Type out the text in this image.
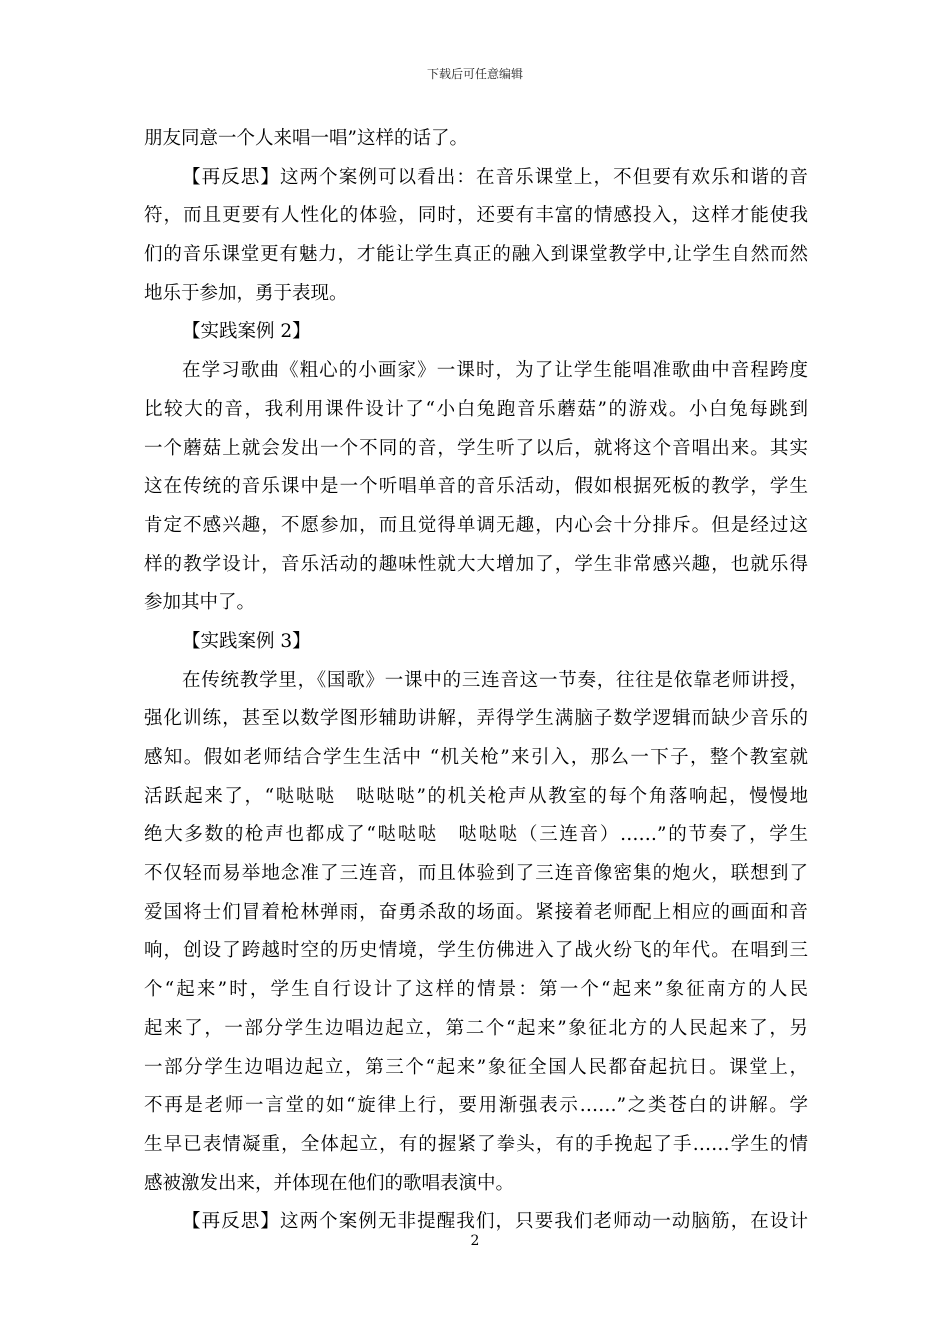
下载后可任意编辑
朋友同意一个人来唱一唱”这样的话了。
【再反思】这两个案例可以看出：在音乐课堂上，不但要有欢乐和谐的音
符，而且更要有人性化的体验，同时，还要有丰富的情感投入，这样才能使我
们的音乐课堂更有魅力，才能让学生真正的融入到课堂教学中,让学生自然而然
地乐于参加，勇于表现。
【实践案例 2】
在学习歌曲《粗心的小画家》一课时，为了让学生能唱准歌曲中音程跨度
比较大的音，我利用课件设计了“小白兔跑音乐蘑菇”的游戏。小白兔每跳到
一个蘑菇上就会发出一个不同的音，学生听了以后，就将这个音唱出来。其实
这在传统的音乐课中是一个听唱单音的音乐活动，假如根据死板的教学，学生
肯定不感兴趣，不愿参加，而且觉得单调无趣，内心会十分排斥。但是经过这
样的教学设计，音乐活动的趣味性就大大增加了，学生非常感兴趣，也就乐得
参加其中了。
【实践案例 3】
在传统教学里，《国歌》一课中的三连音这一节奏，往往是依靠老师讲授，
强化训练，甚至以数学图形辅助讲解，弄得学生满脑子数学逻辑而缺少音乐的
感知。假如老师结合学生生活中 “机关枪”来引入，那么一下子，整个教室就
活跃起来了，“哒哒哒　哒哒哒”的机关枪声从教室的每个角落响起，慢慢地
绝大多数的枪声也都成了“哒哒哒　哒哒哒（三连音）……”的节奏了，学生
不仅轻而易举地念准了三连音，而且体验到了三连音像密集的炮火，联想到了
爱国将士们冒着枪林弹雨，奋勇杀敌的场面。紧接着老师配上相应的画面和音
响，创设了跨越时空的历史情境，学生仿佛进入了战火纷飞的年代。在唱到三
个“起来”时，学生自行设计了这样的情景：第一个“起来”象征南方的人民
起来了，一部分学生边唱边起立，第二个“起来”象征北方的人民起来了，另
一部分学生边唱边起立，第三个“起来”象征全国人民都奋起抗日。课堂上，
不再是老师一言堂的如“旋律上行，要用渐强表示……”之类苍白的讲解。学
生早已表情凝重，全体起立，有的握紧了拳头，有的手挽起了手……学生的情
感被激发出来，并体现在他们的歌唱表演中。
【再反思】这两个案例无非提醒我们，只要我们老师动一动脑筋，在设计
2
